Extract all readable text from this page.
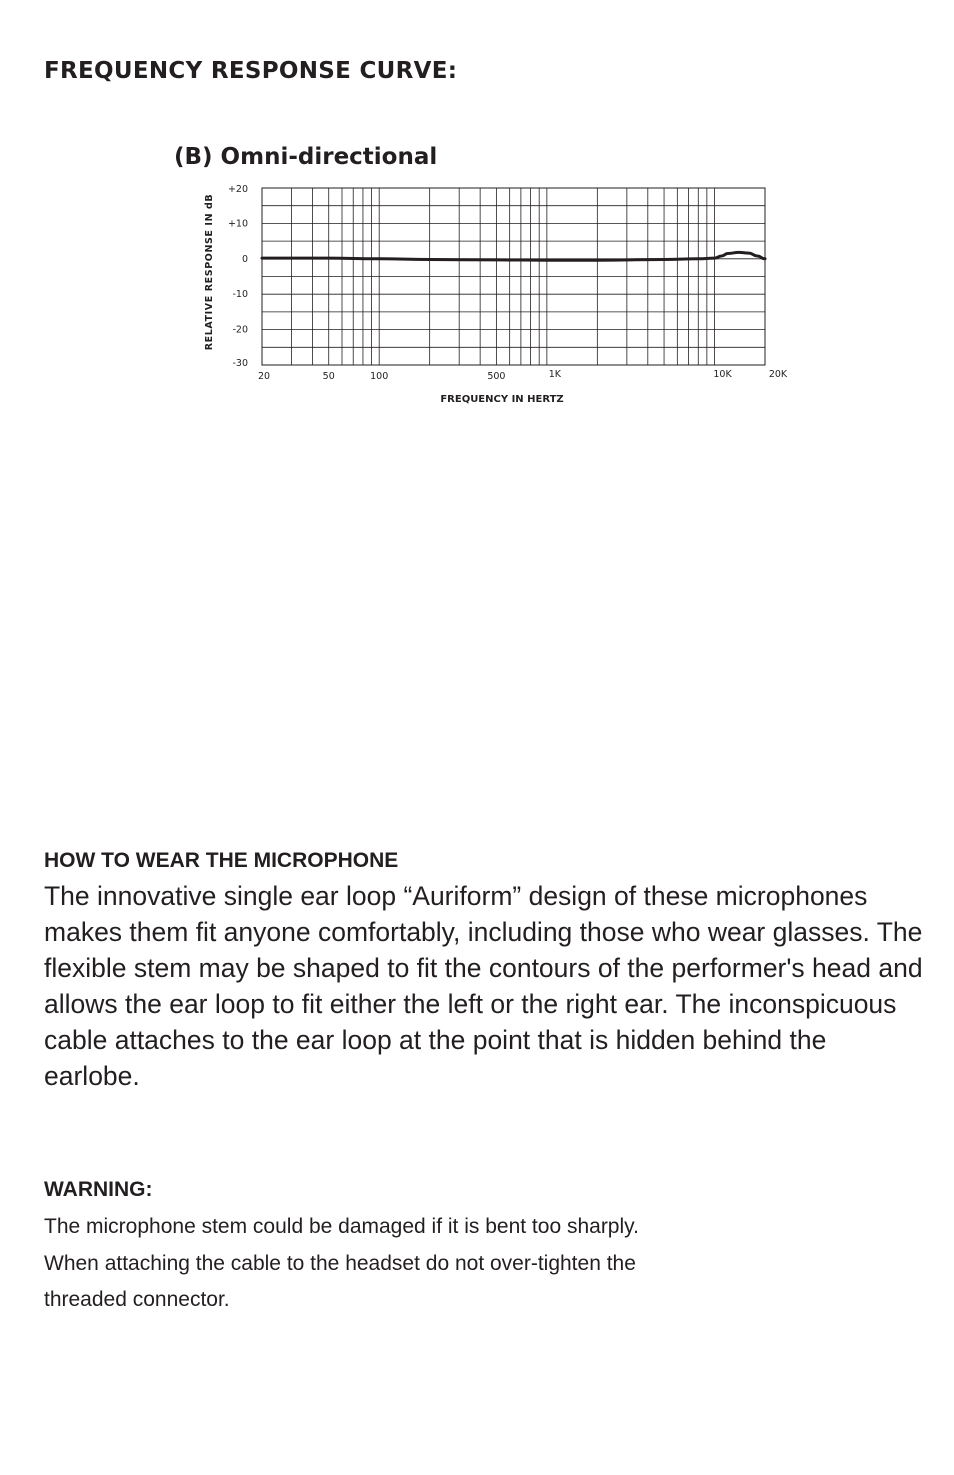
FREQUENCY RESPONSE CURVE:
(B) Omni-directional
20	50	100	500	1K	10K	20K
+20
+10
0
-10
-20
-30
RELATIVE RESPONSE IN dB
FREQUENCY IN HERTZ
HOW TO WEAR THE MICROPHONE

The innovative single ear loop “Auriform” design of these microphones makes them fit anyone comfortably, including those who wear glasses. The flexible stem may be shaped to fit the contours of the performer's head and allows the ear loop to fit either the left or the right ear. The inconspicuous cable attaches to the ear loop at the point that is hidden behind the earlobe.

WARNING:

The microphone stem could be damaged if it is bent too sharply.
When attaching the cable to the headset do not over-tighten the
threaded connector.
